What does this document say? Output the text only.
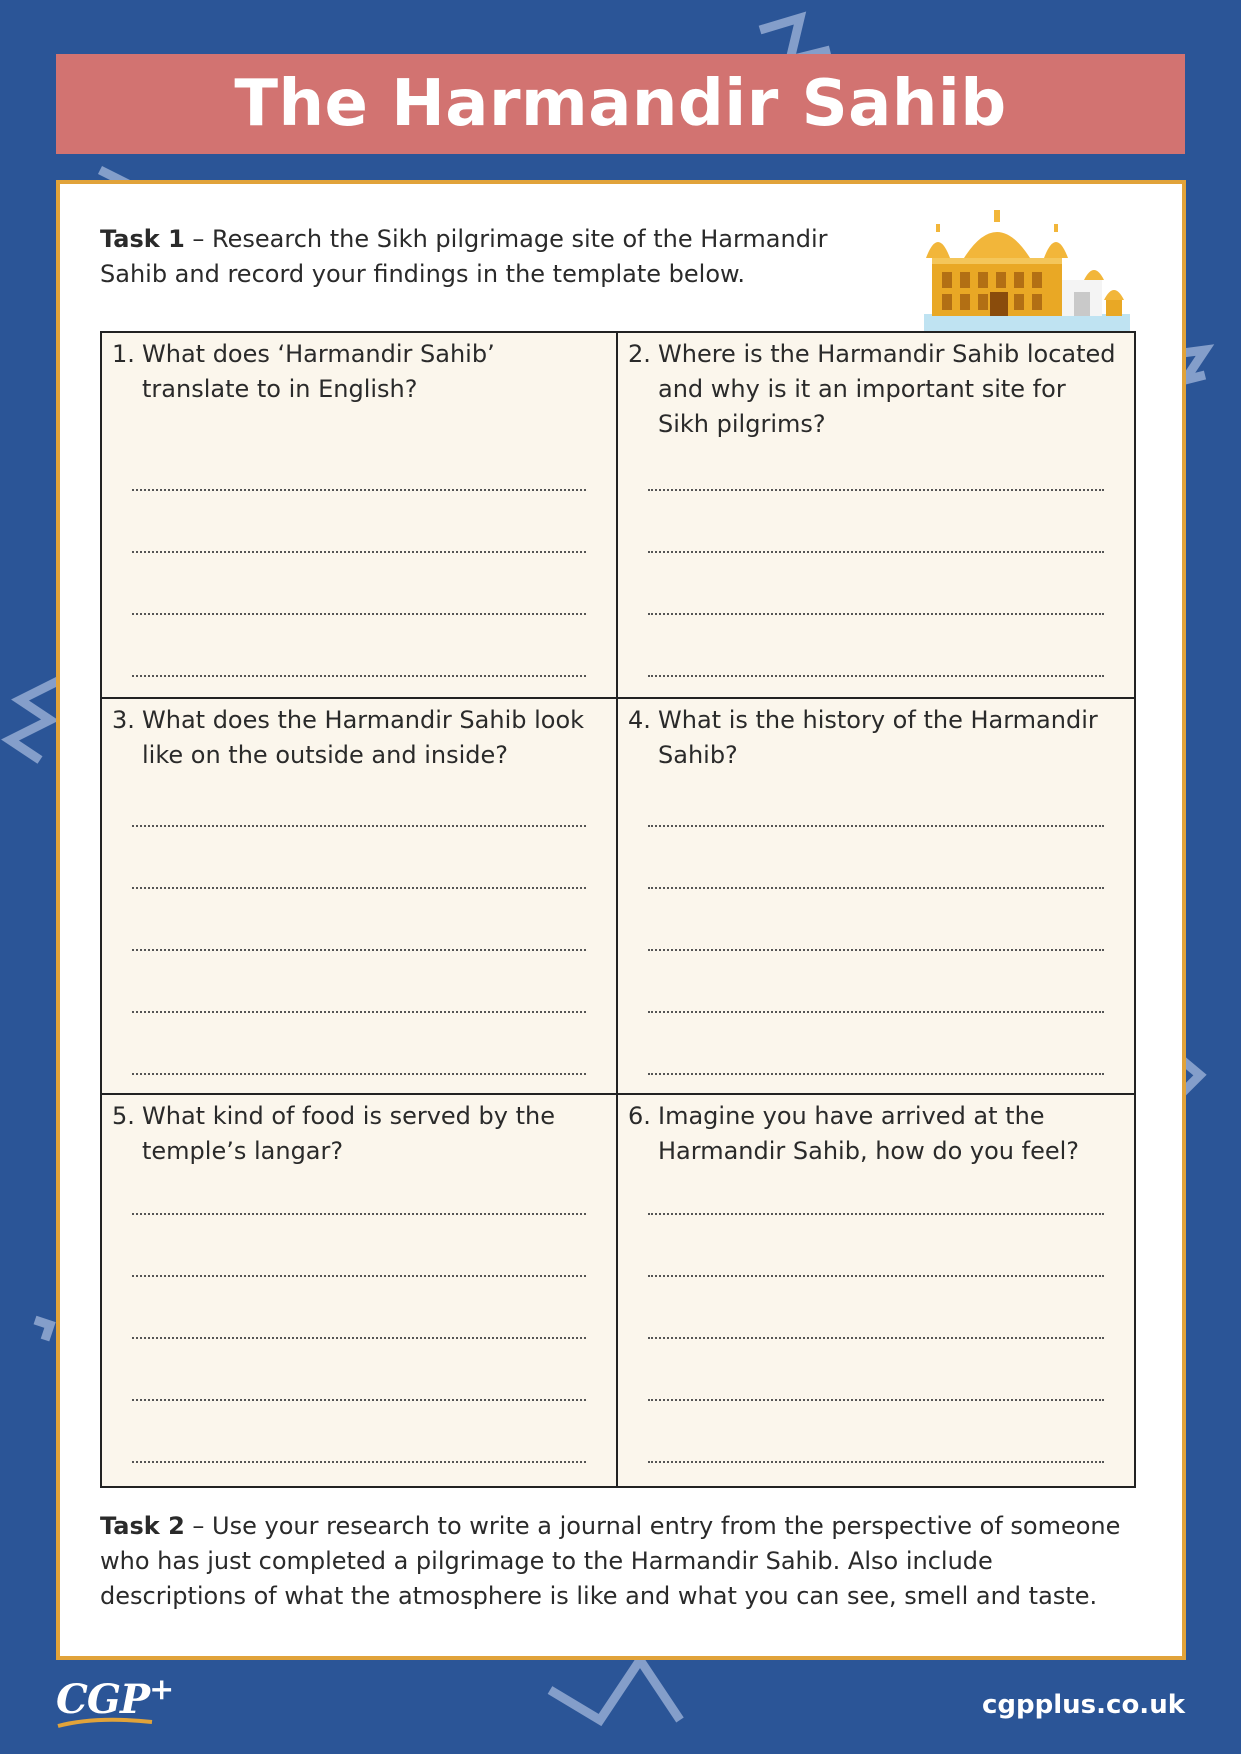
The Harmandir Sahib

Task 1 – Research the Sikh pilgrimage site of the Harmandir Sahib and record your findings in the template below.

1. What does ‘Harmandir Sahib’ translate to in English?

2. Where is the Harmandir Sahib located and why is it an important site for Sikh pilgrims?

3. What does the Harmandir Sahib look like on the outside and inside?

4. What is the history of the Harmandir Sahib?

5. What kind of food is served by the temple’s langar?

6. Imagine you have arrived at the Harmandir Sahib, how do you feel?

Task 2 – Use your research to write a journal entry from the perspective of someone who has just completed a pilgrimage to the Harmandir Sahib. Also include descriptions of what the atmosphere is like and what you can see, smell and taste.

CGP+	cgpplus.co.uk
